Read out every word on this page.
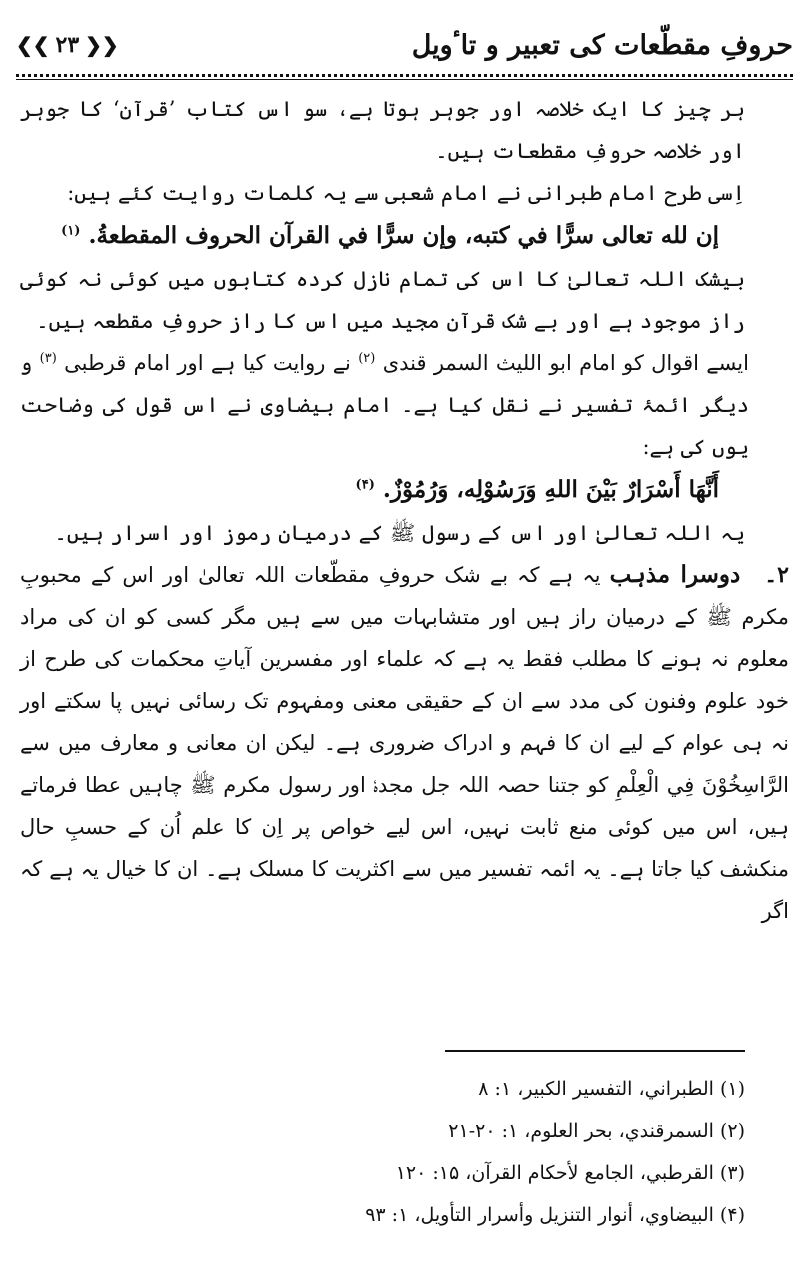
حروفِ مقطّعات کی تعبیر و تاٴویل
❮❮ ۲۳ ❯❯

ہر چیز کا ایک خلاصہ اور جوہر ہوتا ہے، سو اس کتاب ’قرآن‘ کا جوہر اور خلاصہ حروفِ مقطعات ہیں۔

اِسی طرح امام طبرانی نے امام شعبی سے یہ کلمات روایت کئے ہیں:

إن لله تعالی سرًّا في کتبه، وإن سرًّا في القرآن الحروف المقطعةُ. $^{(۱)}$

بیشک اللہ تعالیٰ کا اس کی تمام نازل کردہ کتابوں میں کوئی نہ کوئی راز موجود ہے اور بے شک قرآن مجید میں اس کا راز حروفِ مقطعہ ہیں۔

ایسے اقوال کو امام ابو اللیث السمر قندی $^{(۲)}$ نے روایت کیا ہے اور امام قرطبی $^{(۳)}$ و دیگر ائمۂ تفسیر نے نقل کیا ہے۔ امام بیضاوی نے اس قول کی وضاحت یوں کی ہے:

أَنَّهَا أَسْرَارٌ بَيْنَ اللهِ وَرَسُوْلِه، وَرُمُوْزٌ. $^{(۴)}$

یہ اللہ تعالیٰ اور اس کے رسول ﷺ کے درمیان رموز اور اسرار ہیں۔

۲۔دوسرا مذہب یہ ہے کہ بے شک حروفِ مقطّعات اللہ تعالیٰ اور اس کے محبوبِ مکرم ﷺ کے درمیان راز ہیں اور متشابہات میں سے ہیں مگر کسی کو ان کی مراد معلوم نہ ہونے کا مطلب فقط یہ ہے کہ علماء اور مفسرین آیاتِ محکمات کی طرح از خود علوم وفنون کی مدد سے ان کے حقیقی معنی ومفہوم تک رسائی نہیں پا سکتے اور نہ ہی عوام کے لیے ان کا فہم و ادراک ضروری ہے۔ لیکن ان معانی و معارف میں سے الرَّاسِخُوْنَ فِي الْعِلْمِ کو جتنا حصہ اللہ جل مجدہٗ اور رسول مکرم ﷺ چاہیں عطا فرماتے ہیں، اس میں کوئی منع ثابت نہیں، اس لیے خواص پر اِن کا علم اُن کے حسبِ حال منکشف کیا جاتا ہے۔ یہ ائمہ تفسیر میں سے اکثریت کا مسلک ہے۔ ان کا خیال یہ ہے کہ اگر

(۱) الطبراني، التفسیر الکبیر، ۱: ۸
(۲) السمرقندي، بحر العلوم، ۱: ۲۰-۲۱
(۳) القرطبي، الجامع لأحکام القرآن، ۱۵: ۱۲۰
(۴) البیضاوي، أنوار التنزیل وأسرار التأویل، ۱: ۹۳
